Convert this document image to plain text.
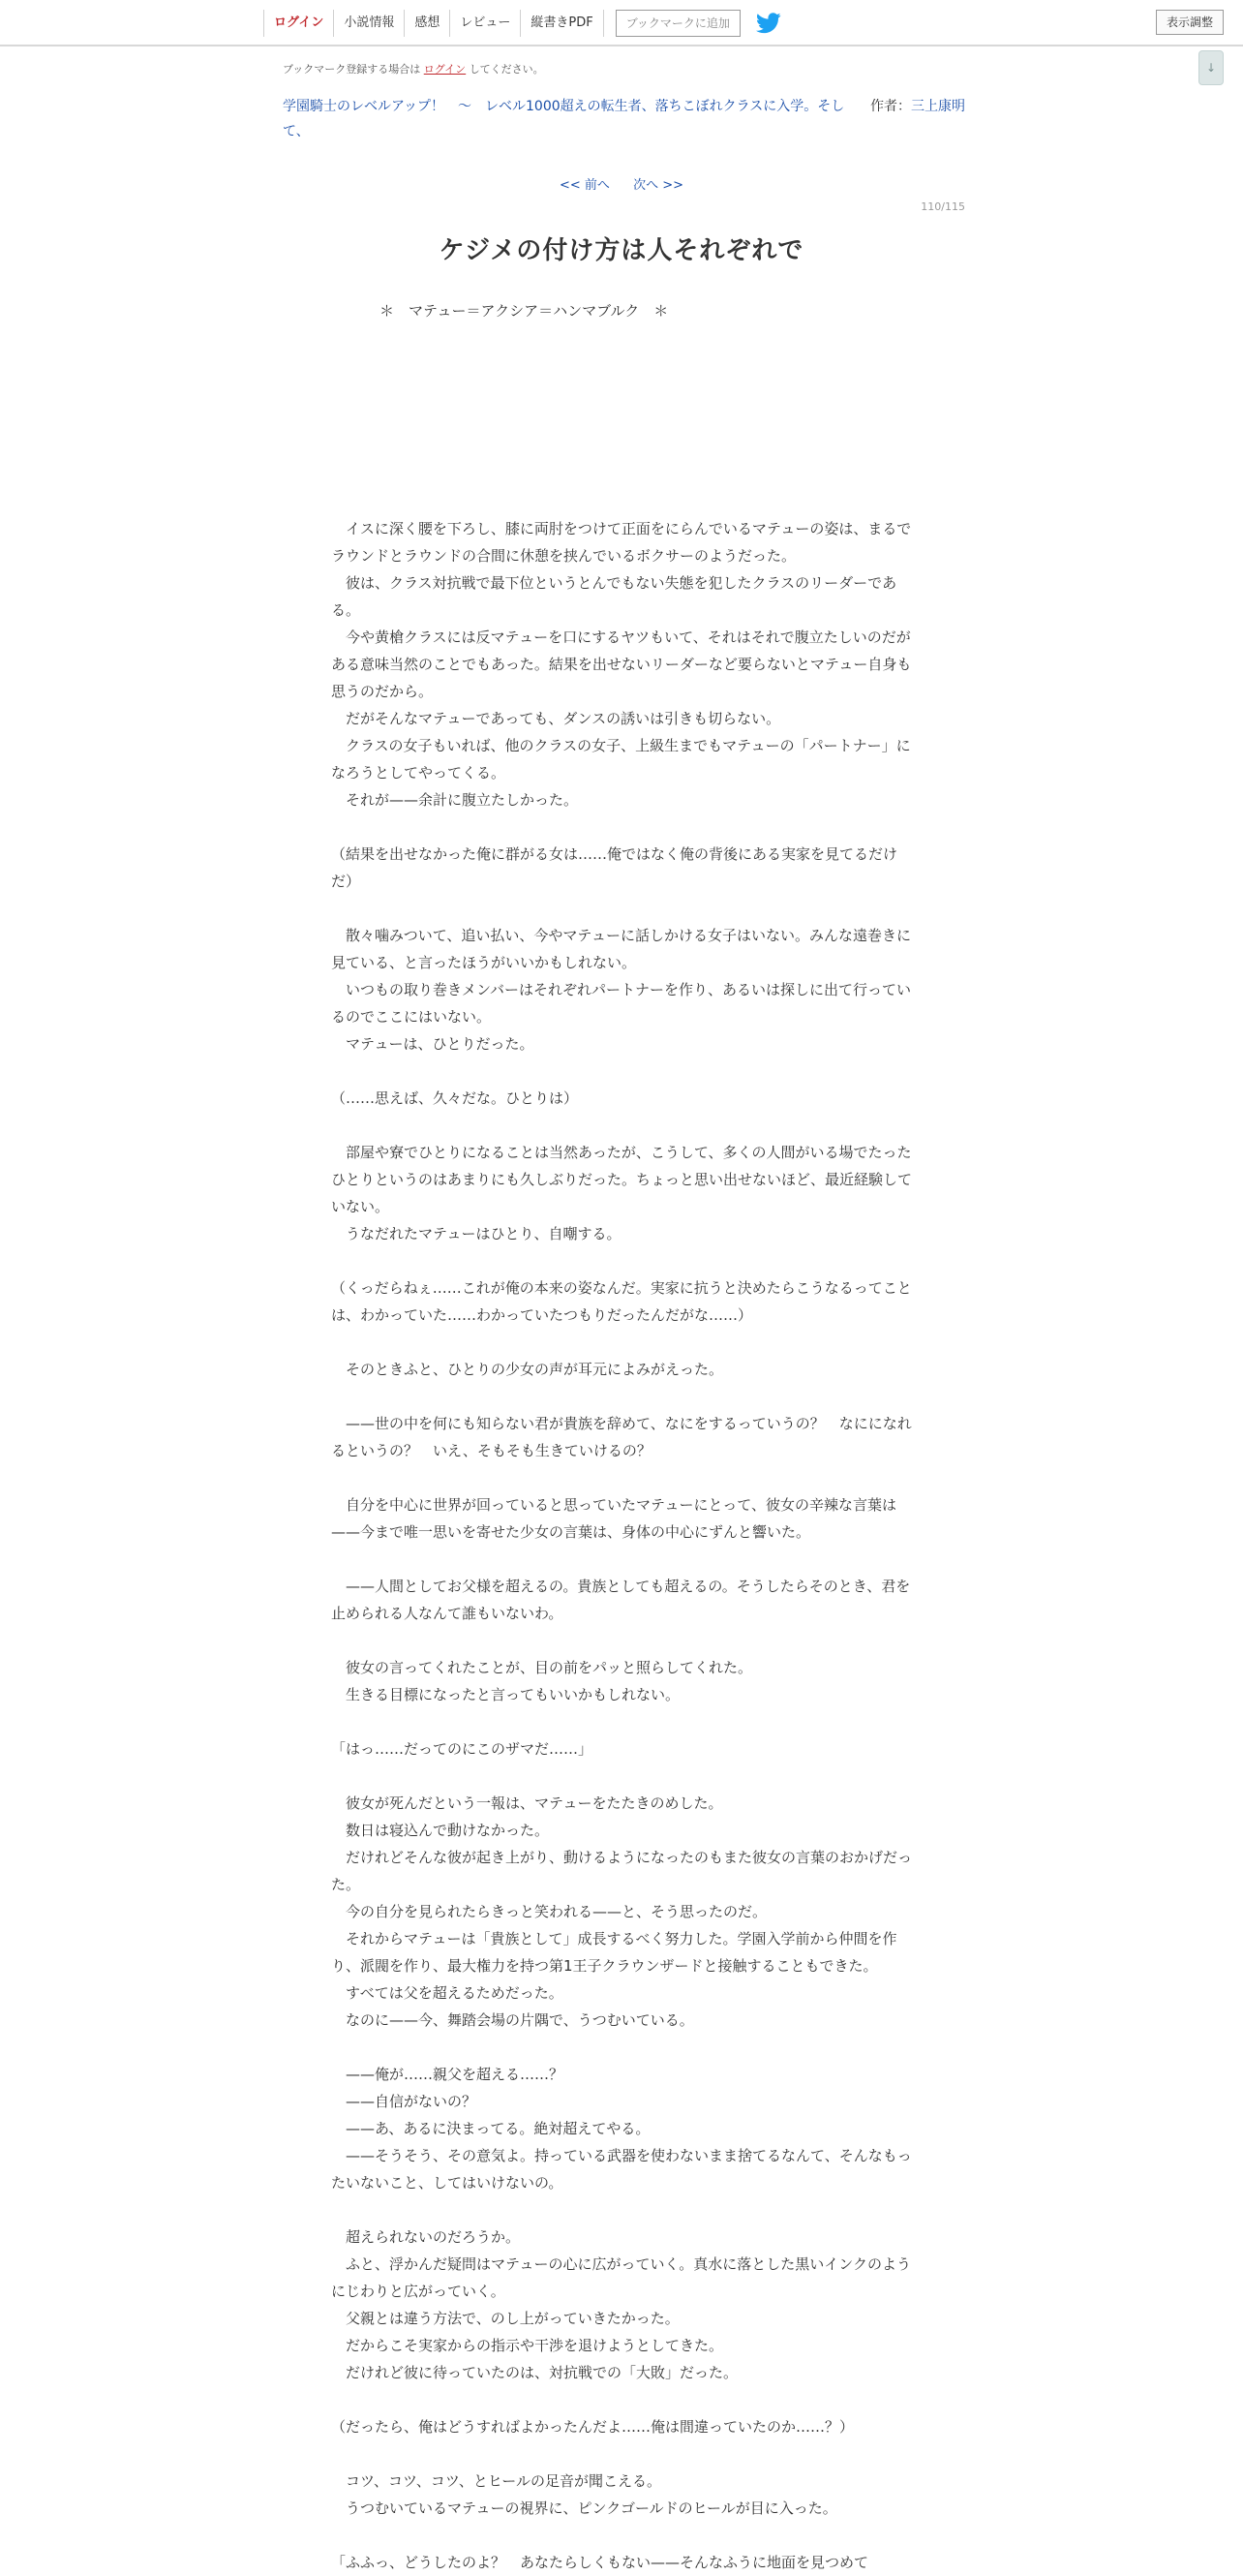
ログイン	小説情報	感想	レビュー	縦書きPDF	ブックマークに追加	表示調整
↓
ブックマーク登録する場合は ログイン してください。
作者：三上康明
学園騎士のレベルアップ！　〜　レベル1000超えの転生者、落ちこぼれクラスに入学。そして、
<< 前へ 次へ >>
110/115
ケジメの付け方は人それぞれで
＊　マテュー＝アクシア＝ハンマブルク　＊
　イスに深く腰を下ろし、膝に両肘をつけて正面をにらんでいるマテューの姿は、まるでラウンドとラウンドの合間に休憩を挟んでいるボクサーのようだった。
　彼は、クラス対抗戦で最下位というとんでもない失態を犯したクラスのリーダーである。
　今や黄槍クラスには反マテューを口にするヤツもいて、それはそれで腹立たしいのだがある意味当然のことでもあった。結果を出せないリーダーなど要らないとマテュー自身も思うのだから。
　だがそんなマテューであっても、ダンスの誘いは引きも切らない。
　クラスの女子もいれば、他のクラスの女子、上級生までもマテューの「パートナー」になろうとしてやってくる。
　それが——余計に腹立たしかった。
（結果を出せなかった俺に群がる女は……俺ではなく俺の背後にある実家を見てるだけだ）
　散々噛みついて、追い払い、今やマテューに話しかける女子はいない。みんな遠巻きに見ている、と言ったほうがいいかもしれない。
　いつもの取り巻きメンバーはそれぞれパートナーを作り、あるいは探しに出て行っているのでここにはいない。
　マテューは、ひとりだった。
（……思えば、久々だな。ひとりは）
　部屋や寮でひとりになることは当然あったが、こうして、多くの人間がいる場でたったひとりというのはあまりにも久しぶりだった。ちょっと思い出せないほど、最近経験していない。
　うなだれたマテューはひとり、自嘲する。
（くっだらねぇ……これが俺の本来の姿なんだ。実家に抗うと決めたらこうなるってことは、わかっていた……わかっていたつもりだったんだがな……）
　そのときふと、ひとりの少女の声が耳元によみがえった。
　——世の中を何にも知らない君が貴族を辞めて、なにをするっていうの？　なにになれるというの？　いえ、そもそも生きていけるの？
　自分を中心に世界が回っていると思っていたマテューにとって、彼女の辛辣な言葉は——今まで唯一思いを寄せた少女の言葉は、身体の中心にずんと響いた。
　——人間としてお父様を超えるの。貴族としても超えるの。そうしたらそのとき、君を止められる人なんて誰もいないわ。
　彼女の言ってくれたことが、目の前をパッと照らしてくれた。
　生きる目標になったと言ってもいいかもしれない。
「はっ……だってのにこのザマだ……」
　彼女が死んだという一報は、マテューをたたきのめした。
　数日は寝込んで動けなかった。
　だけれどそんな彼が起き上がり、動けるようになったのもまた彼女の言葉のおかげだった。
　今の自分を見られたらきっと笑われる——と、そう思ったのだ。
　それからマテューは「貴族として」成長するべく努力した。学園入学前から仲間を作り、派閥を作り、最大権力を持つ第1王子クラウンザードと接触することもできた。
　すべては父を超えるためだった。
　なのに——今、舞踏会場の片隅で、うつむいている。
　——俺が……親父を超える……？
　——自信がないの？
　——あ、あるに決まってる。絶対超えてやる。
　——そうそう、その意気よ。持っている武器を使わないまま捨てるなんて、そんなもったいないこと、してはいけないの。
　超えられないのだろうか。
　ふと、浮かんだ疑問はマテューの心に広がっていく。真水に落とした黒いインクのようにじわりと広がっていく。
　父親とは違う方法で、のし上がっていきたかった。
　だからこそ実家からの指示や干渉を退けようとしてきた。
　だけれど彼に待っていたのは、対抗戦での「大敗」だった。
（だったら、俺はどうすればよかったんだよ……俺は間違っていたのか……？）
　コツ、コツ、コツ、とヒールの足音が聞こえる。
　うつむいているマテューの視界に、ピンクゴールドのヒールが目に入った。
「ふふっ、どうしたのよ？　あなたらしくもない——そんなふうに地面を見つめて
